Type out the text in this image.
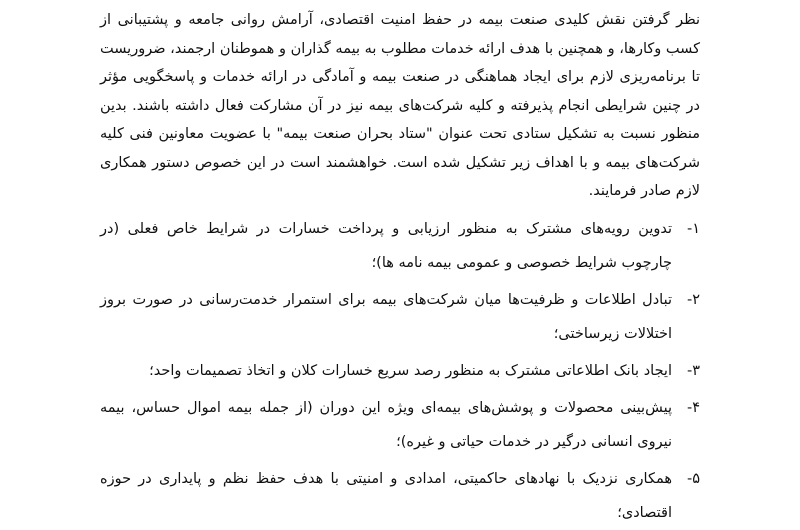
نظر گرفتن نقش کلیدی صنعت بیمه در حفظ امنیت اقتصادی، آرامش روانی جامعه و پشتیبانی از کسب وکارها، و همچنین با هدف ارائه خدمات مطلوب به بیمه گذاران و هموطنان ارجمند، ضروریست تا برنامه‌ریزی لازم برای ایجاد هماهنگی در صنعت بیمه و آمادگی در ارائه خدمات و پاسخگویی مؤثر در چنین شرایطی انجام پذیرفته و کلیه شرکت‌های بیمه نیز در آن مشارکت فعال داشته باشند. بدین منظور نسبت به تشکیل ستادی تحت عنوان "ستاد بحران صنعت بیمه" با عضویت معاونین فنی کلیه شرکت‌های بیمه و با اهداف زیر تشکیل شده است. خواهشمند است در این خصوص دستور همکاری لازم صادر فرمایند.

۱-
تدوین رویه‌های مشترک به منظور ارزیابی و پرداخت خسارات در شرایط خاص فعلی (در چارچوب شرایط خصوصی و عمومی بیمه نامه ها)؛
۲-
تبادل اطلاعات و ظرفیت‌ها میان شرکت‌های بیمه برای استمرار خدمت‌رسانی در صورت بروز اختلالات زیرساختی؛
۳-
ایجاد بانک اطلاعاتی مشترک به منظور رصد سریع خسارات کلان و اتخاذ تصمیمات واحد؛
۴-
پیش‌بینی محصولات و پوشش‌های بیمه‌ای ویژه این دوران (از جمله بیمه اموال حساس، بیمه نیروی انسانی درگیر در خدمات حیاتی و غیره)؛
۵-
همکاری نزدیک با نهادهای حاکمیتی، امدادی و امنیتی با هدف حفظ نظم و پایداری در حوزه اقتصادی؛
